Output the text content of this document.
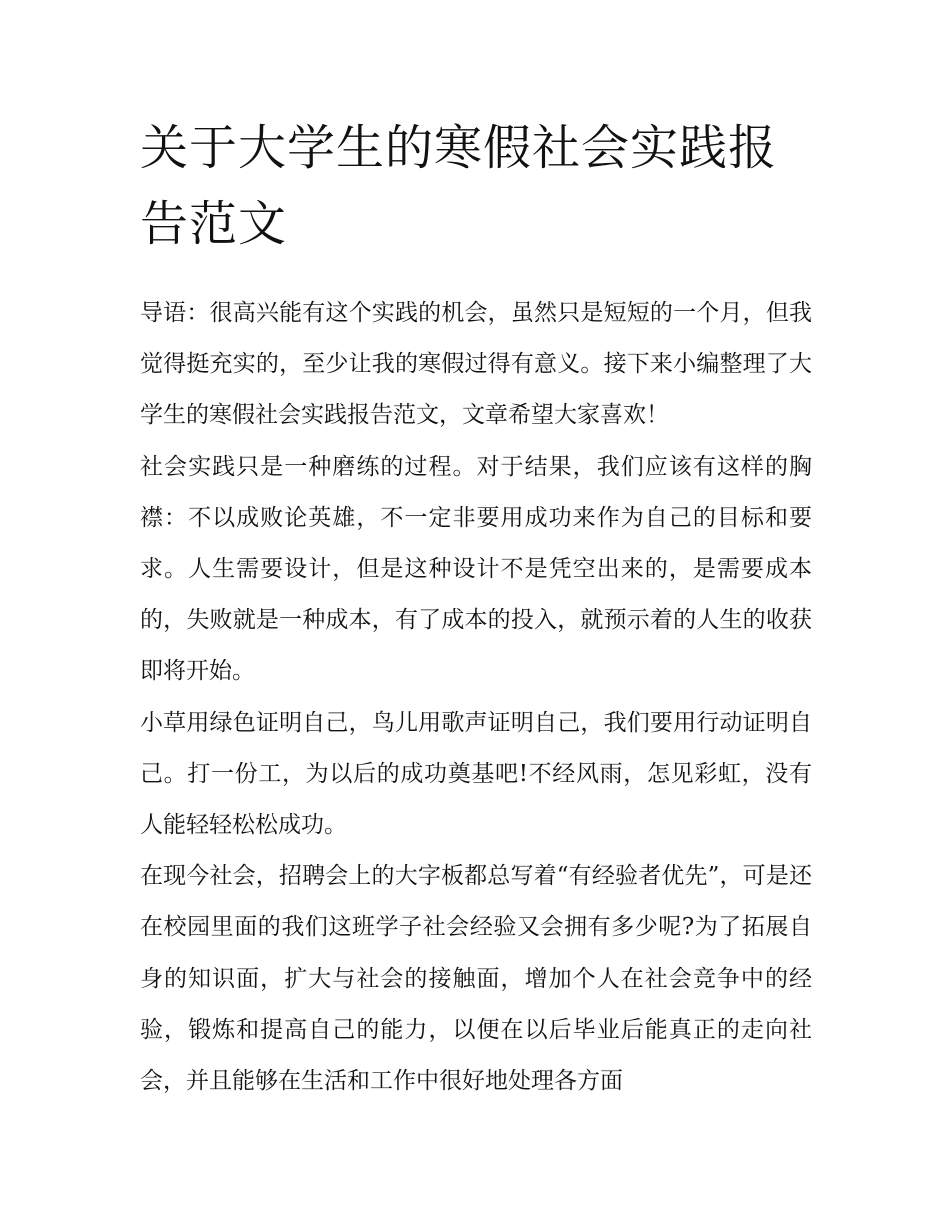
关于大学生的寒假社会实践报告范文

导语：很高兴能有这个实践的机会，虽然只是短短的一个月，但我觉得挺充实的，至少让我的寒假过得有意义。接下来小编整理了大学生的寒假社会实践报告范文，文章希望大家喜欢！

社会实践只是一种磨练的过程。对于结果，我们应该有这样的胸襟：不以成败论英雄，不一定非要用成功来作为自己的目标和要求。人生需要设计，但是这种设计不是凭空出来的，是需要成本的，失败就是一种成本，有了成本的投入，就预示着的人生的收获即将开始。

小草用绿色证明自己，鸟儿用歌声证明自己，我们要用行动证明自己。打一份工，为以后的成功奠基吧!不经风雨，怎见彩虹，没有人能轻轻松松成功。

在现今社会，招聘会上的大字板都总写着“有经验者优先”，可是还在校园里面的我们这班学子社会经验又会拥有多少呢?为了拓展自身的知识面，扩大与社会的接触面，增加个人在社会竞争中的经验，锻炼和提高自己的能力，以便在以后毕业后能真正的走向社会，并且能够在生活和工作中很好地处理各方面
